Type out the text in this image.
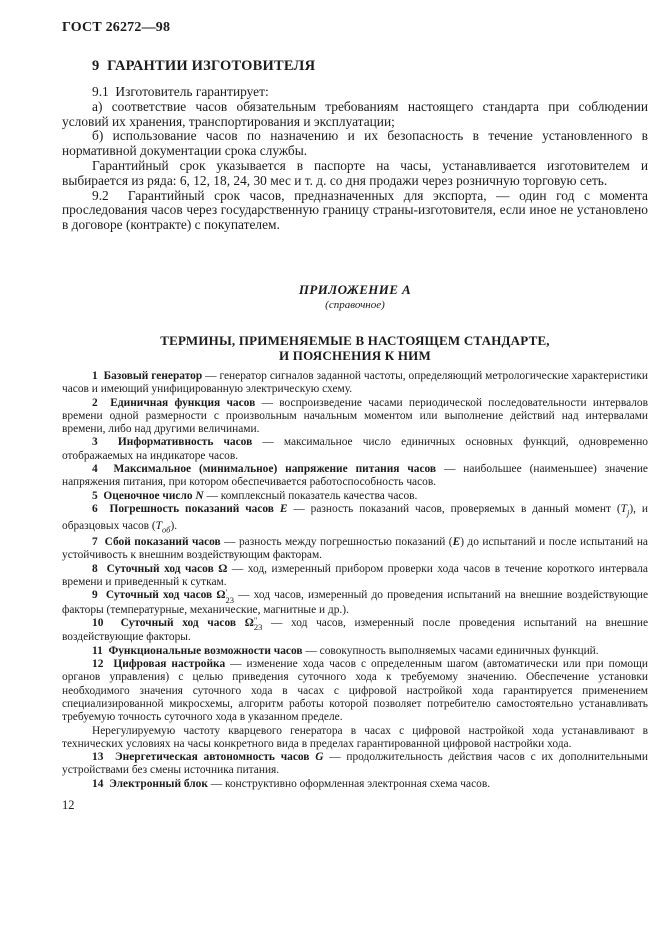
ГОСТ 26272—98
9  ГАРАНТИИ ИЗГОТОВИТЕЛЯ

9.1  Изготовитель гарантирует:

а) соответствие часов обязательным требованиям настоящего стандарта при соблюдении условий их хранения, транспортирования и эксплуатации;

б) использование часов по назначению и их безопасность в течение установленного в нормативной документации срока службы.

Гарантийный срок указывается в паспорте на часы, устанавливается изготовителем и выбирается из ряда: 6, 12, 18, 24, 30 мес и т. д. со дня продажи через розничную торговую сеть.

9.2  Гарантийный срок часов, предназначенных для экспорта, — один год с момента проследования часов через государственную границу страны-изготовителя, если иное не установлено в договоре (контракте) с покупателем.

ПРИЛОЖЕНИЕ А
(справочное)
ТЕРМИНЫ, ПРИМЕНЯЕМЫЕ В НАСТОЯЩЕМ СТАНДАРТЕ,
И ПОЯСНЕНИЯ К НИМ

1  Базовый генератор — генератор сигналов заданной частоты, определяющий метрологические характеристики часов и имеющий унифицированную электрическую схему.

2  Единичная функция часов — воспроизведение часами периодической последовательности интервалов времени одной размерности с произвольным начальным моментом или выполнение действий над интервалами времени, либо над другими величинами.

3  Информативность часов — максимальное число единичных основных функций, одновременно отображаемых на индикаторе часов.

4  Максимальное (минимальное) напряжение питания часов — наибольшее (наименьшее) значение напряжения питания, при котором обеспечивается работоспособность часов.

5  Оценочное число N — комплексный показатель качества часов.

6  Погрешность показаний часов Е — разность показаний часов, проверяемых в данный момент $(Т_j)$, и образцовых часов $(Т_{об})$.

7  Сбой показаний часов — разность между погрешностью показаний (Е) до испытаний и после испытаний на устойчивость к внешним воздействующим факторам.

8  Суточный ход часов Ω — ход, измеренный прибором проверки хода часов в течение короткого интервала времени и приведенный к суткам.

9  Суточный ход часов Ω ′
23 — ход часов, измеренный до проведения испытаний на внешние воздействующие факторы (температурные, механические, магнитные и др.).

10  Суточный ход часов Ω ″
23 — ход часов, измеренный после проведения испытаний на внешние воздействующие факторы.

11  Функциональные возможности часов — совокупность выполняемых часами единичных функций.

12  Цифровая настройка — изменение хода часов с определенным шагом (автоматически или при помощи органов управления) с целью приведения суточного хода к требуемому значению. Обеспечение установки необходимого значения суточного хода в часах с цифровой настройкой хода гарантируется применением специализированной микросхемы, алгоритм работы которой позволяет потребителю самостоятельно устанавливать требуемую точность суточного хода в указанном пределе.

Нерегулируемую частоту кварцевого генератора в часах с цифровой настройкой хода устанавливают в технических условиях на часы конкретного вида в пределах гарантированной цифровой настройки хода.

13  Энергетическая автономность часов G — продолжительность действия часов с их дополнительными устройствами без смены источника питания.

14  Электронный блок — конструктивно оформленная электронная схема часов.

12
